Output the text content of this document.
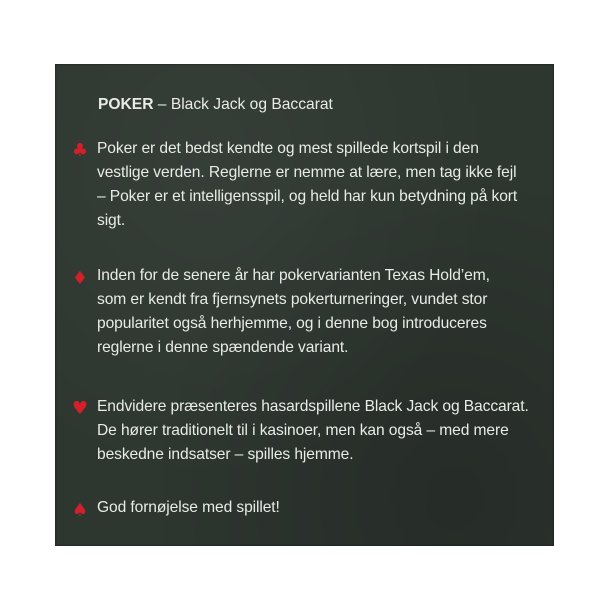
POKER – Black Jack og Baccarat
♣ Poker er det bedst kendte og mest spillede kortspil i den
vestlige verden. Reglerne er nemme at lære, men tag ikke fejl
– Poker er et intelligensspil, og held har kun betydning på kort
sigt.
♦ Inden for de senere år har pokervarianten Texas Hold’em,
som er kendt fra fjernsynets pokerturneringer, vundet stor
popularitet også herhjemme, og i denne bog introduceres
reglerne i denne spændende variant.
♥ Endvidere præsenteres hasardspillene Black Jack og Baccarat.
De hører traditionelt til i kasinoer, men kan også – med mere
beskedne indsatser – spilles hjemme.
♠ God fornøjelse med spillet!
